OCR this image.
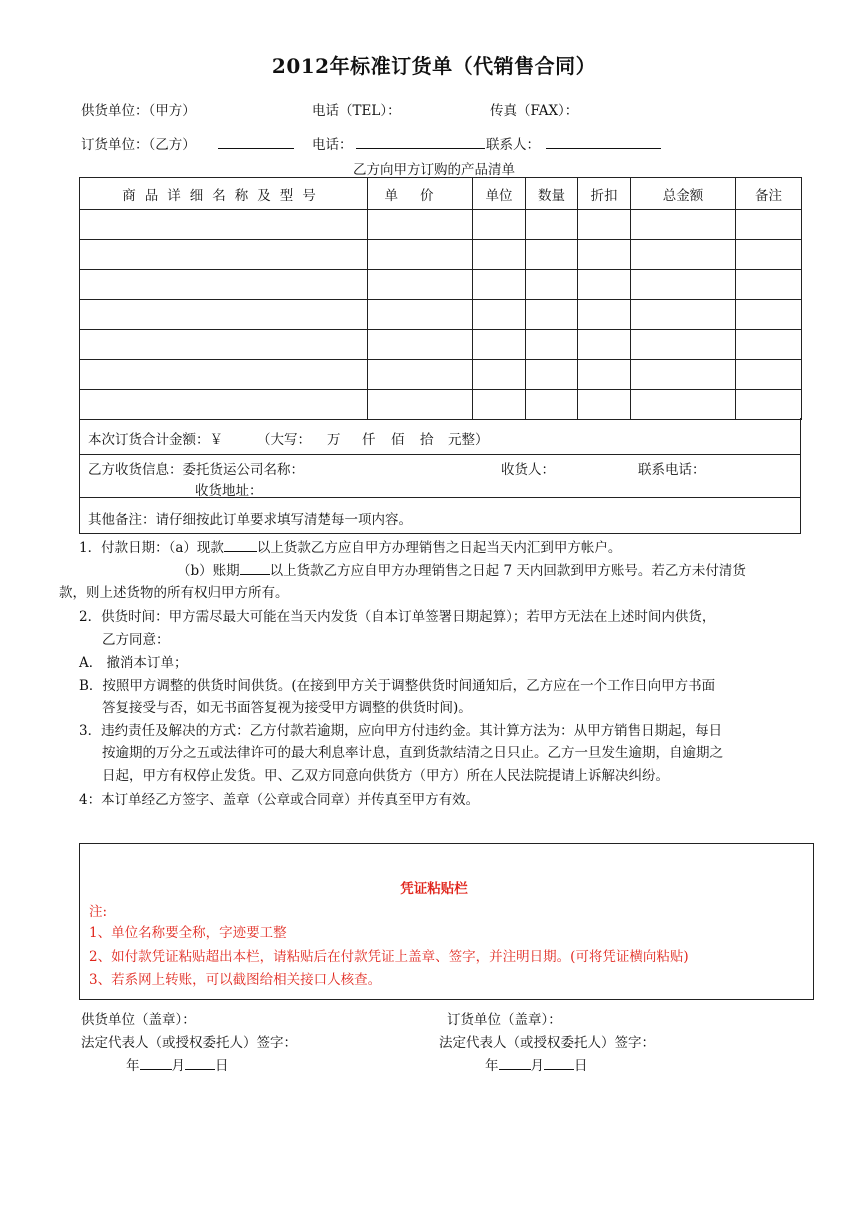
2012年标准订货单（代销售合同）
供货单位：（甲方）	电话（TEL）：	传真（FAX）：
订货单位：（乙方）	电话：	联系人：
乙方向甲方订购的产品清单
商品详细名称及型号	单价	单位	数量	折扣	总金额	备注

本次订货合计金额：￥	（大写： 万 仟 佰 拾 元整）
乙方收货信息：委托货运公司名称：	收货人：	联系电话：
收货地址：
其他备注：请仔细按此订单要求填写清楚每一项内容。
1．付款日期：（a）现款 以上货款乙方应自甲方办理销售之日起当天内汇到甲方帐户。
（b）账期 以上货款乙方应自甲方办理销售之日起 7 天内回款到甲方账号。若乙方未付清货
款，则上述货物的所有权归甲方所有。
2．供货时间：甲方需尽最大可能在当天内发货（自本订单签署日期起算）；若甲方无法在上述时间内供货，
乙方同意：
A． 撤消本订单；
B．按照甲方调整的供货时间供货。(在接到甲方关于调整供货时间通知后，乙方应在一个工作日向甲方书面
答复接受与否，如无书面答复视为接受甲方调整的供货时间)。
3．违约责任及解决的方式：乙方付款若逾期，应向甲方付违约金。其计算方法为：从甲方销售日期起，每日
按逾期的万分之五或法律许可的最大利息率计息，直到货款结清之日只止。乙方一旦发生逾期，自逾期之
日起，甲方有权停止发货。甲、乙双方同意向供货方（甲方）所在人民法院提请上诉解决纠纷。
4：本订单经乙方签字、盖章（公章或合同章）并传真至甲方有效。
凭证粘贴栏
注:
1、单位名称要全称，字迹要工整
2、如付款凭证粘贴超出本栏，请粘贴后在付款凭证上盖章、签字，并注明日期。(可将凭证横向粘贴)
3、若系网上转账，可以截图给相关接口人核查。
供货单位（盖章）：	订货单位（盖章）：
法定代表人（或授权委托人）签字：	法定代表人（或授权委托人）签字：
年 月 日	年 月 日
